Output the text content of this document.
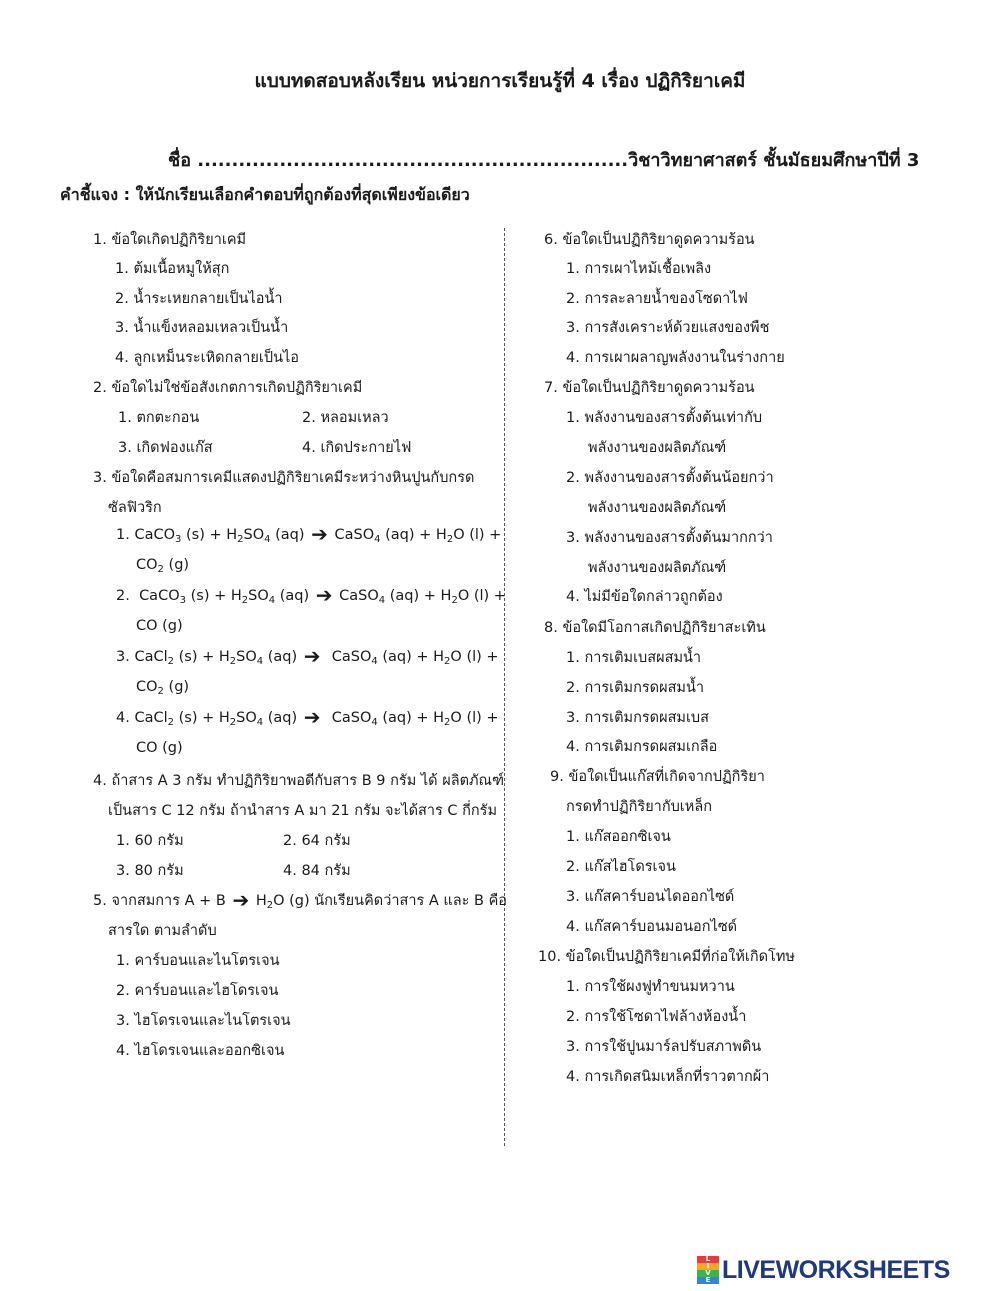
แบบทดสอบหลังเรียน หน่วยการเรียนรู้ที่ 4 เรื่อง ปฏิกิริยาเคมี
ชื่อ ...............................................................วิชาวิทยาศาสตร์ ชั้นมัธยมศึกษาปีที่ 3
คำชี้แจง : ให้นักเรียนเลือกคำตอบที่ถูกต้องที่สุดเพียงข้อเดียว
1. ข้อใดเกิดปฏิกิริยาเคมี
1. ต้มเนื้อหมูให้สุก
2. น้ำระเหยกลายเป็นไอน้ำ
3. น้ำแข็งหลอมเหลวเป็นน้ำ
4. ลูกเหม็นระเหิดกลายเป็นไอ
2. ข้อใดไม่ใช่ข้อสังเกตการเกิดปฏิกิริยาเคมี
1. ตกตะกอน	2. หลอมเหลว
3. เกิดฟองแก๊ส	4. เกิดประกายไฟ
3. ข้อใดคือสมการเคมีแสดงปฏิกิริยาเคมีระหว่างหินปูนกับกรด
ซัลฟิวริก
1. CaCO$_3$ $(s) + H_2SO_4$ (aq) ➔ CaSO$_4$ $(aq) + H_2O$ (l) +
$CO_2$ (g)
2. CaCO$_3$ $(s) + H_2SO_4$ (aq) ➔ CaSO$_4$ $(aq) + H_2O$ (l) +
CO (g)
3. CaCl$_2$ $(s) + H_2SO_4$ (aq) ➔ CaSO$_4$ $(aq) + H_2O$ (l) +
$CO_2$ (g)
4. CaCl$_2$ $(s) + H_2SO_4$ (aq) ➔ CaSO$_4$ $(aq) + H_2O$ (l) +
CO (g)
4. ถ้าสาร A 3 กรัม ทำปฏิกิริยาพอดีกับสาร B 9 กรัม ได้ ผลิตภัณฑ์
เป็นสาร C 12 กรัม ถ้านำสาร A มา 21 กรัม จะได้สาร C กี่กรัม
1. 60 กรัม	2. 64 กรัม
3. 80 กรัม	4. 84 กรัม
5. จากสมการ A + B ➔ $H_2O$ (g) นักเรียนคิดว่าสาร A และ B คือ
สารใด ตามลำดับ
1. คาร์บอนและไนโตรเจน
2. คาร์บอนและไฮโดรเจน
3. ไฮโดรเจนและไนโตรเจน
4. ไฮโดรเจนและออกซิเจน
6. ข้อใดเป็นปฏิกิริยาดูดความร้อน
1. การเผาไหม้เชื้อเพลิง
2. การละลายน้ำของโซดาไฟ
3. การสังเคราะห์ด้วยแสงของพืช
4. การเผาผลาญพลังงานในร่างกาย
7. ข้อใดเป็นปฏิกิริยาดูดความร้อน
1. พลังงานของสารตั้งต้นเท่ากับ
พลังงานของผลิตภัณฑ์
2. พลังงานของสารตั้งต้นน้อยกว่า
พลังงานของผลิตภัณฑ์
3. พลังงานของสารตั้งต้นมากกว่า
พลังงานของผลิตภัณฑ์
4. ไม่มีข้อใดกล่าวถูกต้อง
8. ข้อใดมีโอกาสเกิดปฏิกิริยาสะเทิน
1. การเติมเบสผสมน้ำ
2. การเติมกรดผสมน้ำ
3. การเติมกรดผสมเบส
4. การเติมกรดผสมเกลือ
9. ข้อใดเป็นแก๊สที่เกิดจากปฏิกิริยา
กรดทำปฏิกิริยากับเหล็ก
1. แก๊สออกซิเจน
2. แก๊สไฮโดรเจน
3. แก๊สคาร์บอนไดออกไซด์
4. แก๊สคาร์บอนมอนอกไซด์
10. ข้อใดเป็นปฏิกิริยาเคมีที่ก่อให้เกิดโทษ
1. การใช้ผงฟูทำขนมหวาน
2. การใช้โซดาไฟล้างห้องน้ำ
3. การใช้ปูนมาร์ลปรับสภาพดิน
4. การเกิดสนิมเหล็กที่ราวตากผ้า
L
I
V
E LIVEWORKSHEETS
